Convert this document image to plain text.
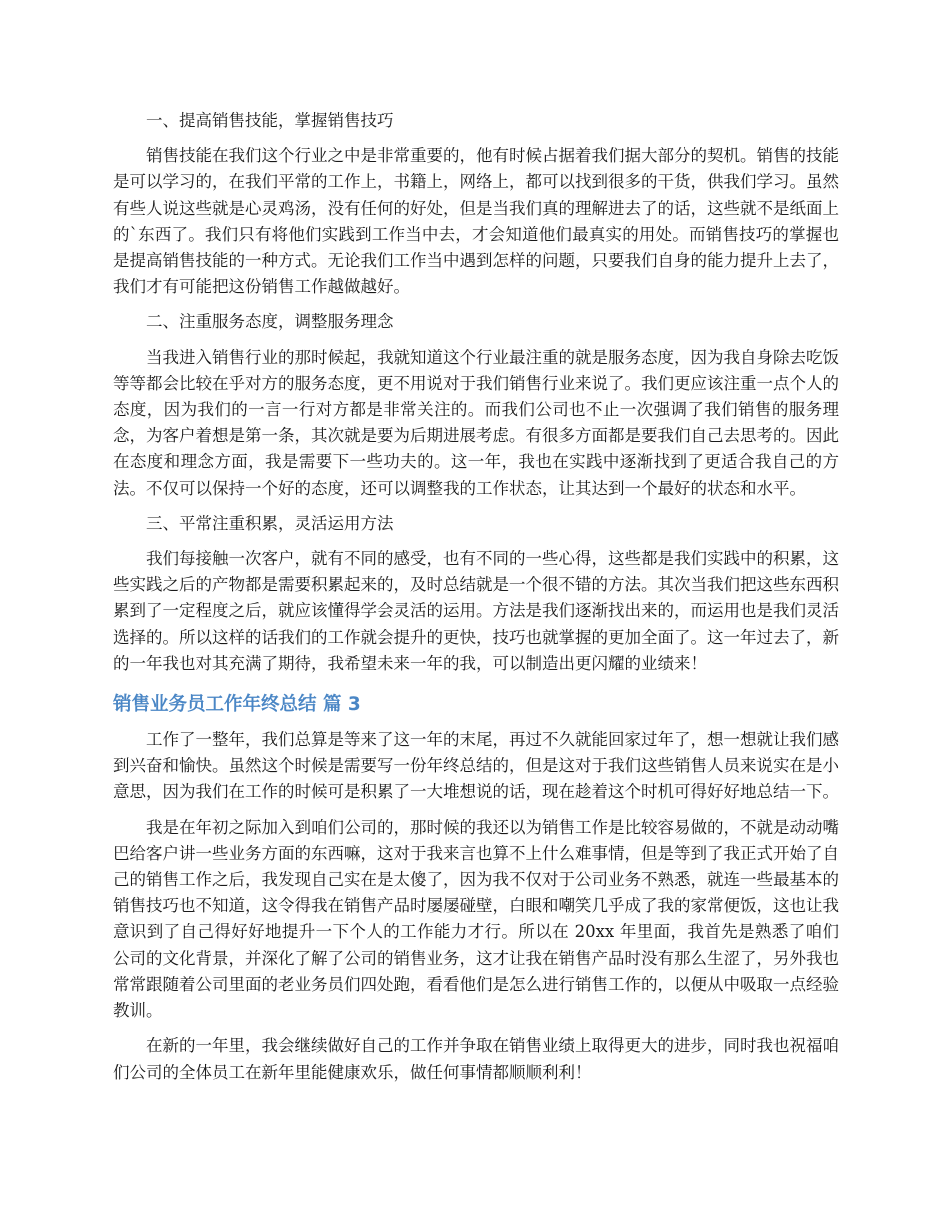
一、提高销售技能，掌握销售技巧
销售技能在我们这个行业之中是非常重要的，他有时候占据着我们据大部分的契机。销售的技能是可以学习的，在我们平常的工作上，书籍上，网络上，都可以找到很多的干货，供我们学习。虽然有些人说这些就是心灵鸡汤，没有任何的好处，但是当我们真的理解进去了的话，这些就不是纸面上的`东西了。我们只有将他们实践到工作当中去，才会知道他们最真实的用处。而销售技巧的掌握也是提高销售技能的一种方式。无论我们工作当中遇到怎样的问题，只要我们自身的能力提升上去了，我们才有可能把这份销售工作越做越好。
二、注重服务态度，调整服务理念
当我进入销售行业的那时候起，我就知道这个行业最注重的就是服务态度，因为我自身除去吃饭等等都会比较在乎对方的服务态度，更不用说对于我们销售行业来说了。我们更应该注重一点个人的态度，因为我们的一言一行对方都是非常关注的。而我们公司也不止一次强调了我们销售的服务理念，为客户着想是第一条，其次就是要为后期进展考虑。有很多方面都是要我们自己去思考的。因此在态度和理念方面，我是需要下一些功夫的。这一年，我也在实践中逐渐找到了更适合我自己的方法。不仅可以保持一个好的态度，还可以调整我的工作状态，让其达到一个最好的状态和水平。
三、平常注重积累，灵活运用方法
我们每接触一次客户，就有不同的感受，也有不同的一些心得，这些都是我们实践中的积累，这些实践之后的产物都是需要积累起来的，及时总结就是一个很不错的方法。其次当我们把这些东西积累到了一定程度之后，就应该懂得学会灵活的运用。方法是我们逐渐找出来的，而运用也是我们灵活选择的。所以这样的话我们的工作就会提升的更快，技巧也就掌握的更加全面了。这一年过去了，新的一年我也对其充满了期待，我希望未来一年的我，可以制造出更闪耀的业绩来！
销售业务员工作年终总结 篇 3
工作了一整年，我们总算是等来了这一年的末尾，再过不久就能回家过年了，想一想就让我们感到兴奋和愉快。虽然这个时候是需要写一份年终总结的，但是这对于我们这些销售人员来说实在是小意思，因为我们在工作的时候可是积累了一大堆想说的话，现在趁着这个时机可得好好地总结一下。
我是在年初之际加入到咱们公司的，那时候的我还以为销售工作是比较容易做的，不就是动动嘴巴给客户讲一些业务方面的东西嘛，这对于我来言也算不上什么难事情，但是等到了我正式开始了自己的销售工作之后，我发现自己实在是太傻了，因为我不仅对于公司业务不熟悉，就连一些最基本的销售技巧也不知道，这令得我在销售产品时屡屡碰壁，白眼和嘲笑几乎成了我的家常便饭，这也让我意识到了自己得好好地提升一下个人的工作能力才行。所以在 20xx 年里面，我首先是熟悉了咱们公司的文化背景，并深化了解了公司的销售业务，这才让我在销售产品时没有那么生涩了，另外我也常常跟随着公司里面的老业务员们四处跑，看看他们是怎么进行销售工作的，以便从中吸取一点经验教训。
在新的一年里，我会继续做好自己的工作并争取在销售业绩上取得更大的进步，同时我也祝福咱们公司的全体员工在新年里能健康欢乐，做任何事情都顺顺利利！
